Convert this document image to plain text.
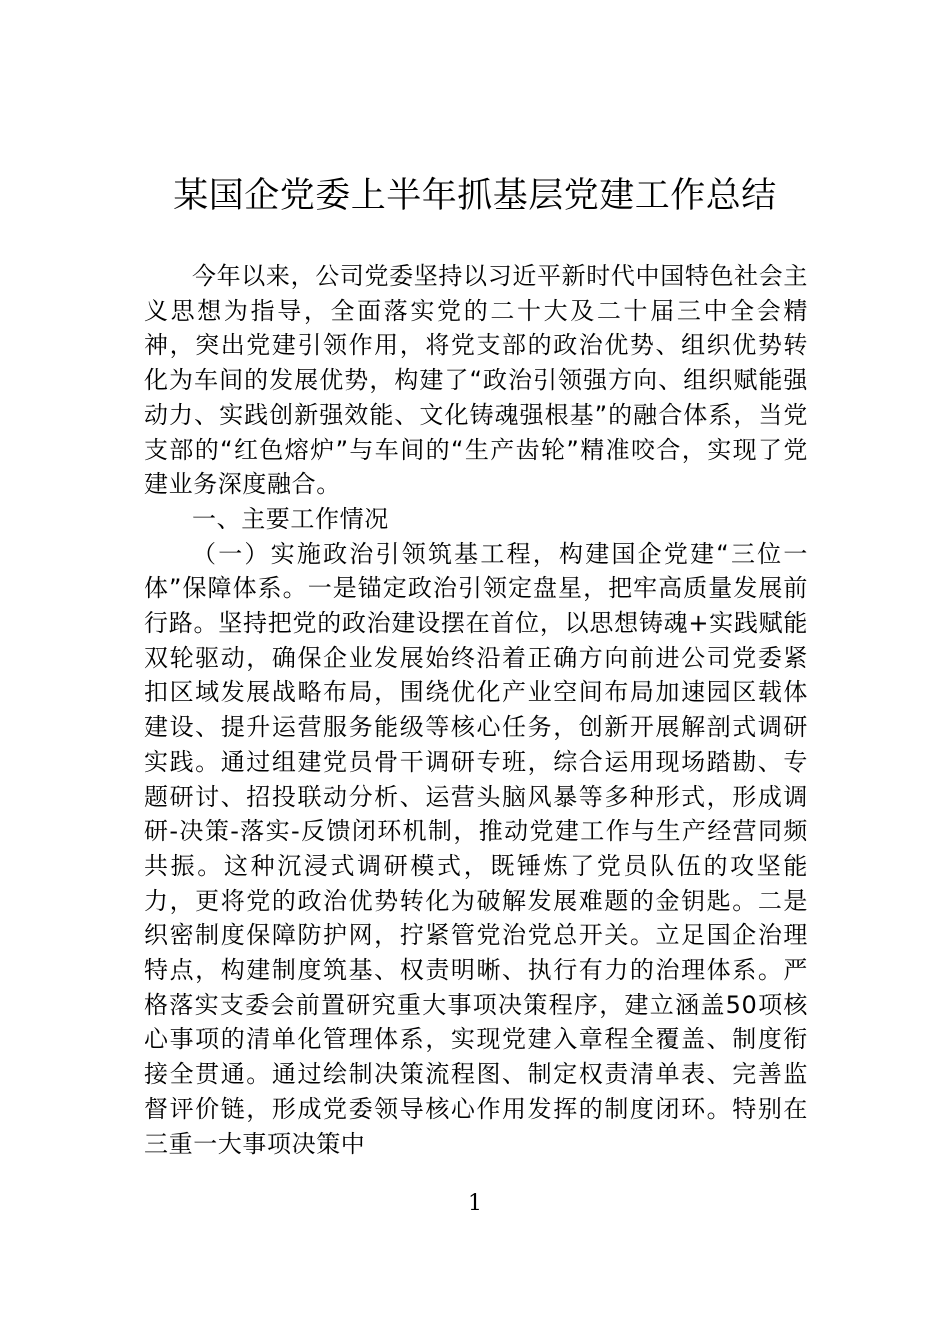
某国企党委上半年抓基层党建工作总结

今年以来，公司党委坚持以习近平新时代中国特色社会主义思想为指导，全面落实党的二十大及二十届三中全会精神，突出党建引领作用，将党支部的政治优势、组织优势转化为车间的发展优势，构建了“政治引领强方向、组织赋能强动力、实践创新强效能、文化铸魂强根基”的融合体系，当党支部的“红色熔炉”与车间的“生产齿轮”精准咬合，实现了党建业务深度融合。

一、主要工作情况

（一）实施政治引领筑基工程，构建国企党建“三位一体”保障体系。一是锚定政治引领定盘星，把牢高质量发展前行路。坚持把党的政治建设摆在首位，以思想铸魂+实践赋能双轮驱动，确保企业发展始终沿着正确方向前进公司党委紧扣区域发展战略布局，围绕优化产业空间布局加速园区载体建设、提升运营服务能级等核心任务，创新开展解剖式调研实践。通过组建党员骨干调研专班，综合运用现场踏勘、专题研讨、招投联动分析、运营头脑风暴等多种形式，形成调研-决策-落实-反馈闭环机制，推动党建工作与生产经营同频共振。这种沉浸式调研模式，既锤炼了党员队伍的攻坚能力，更将党的政治优势转化为破解发展难题的金钥匙。二是织密制度保障防护网，拧紧管党治党总开关。立足国企治理特点，构建制度筑基、权责明晰、执行有力的治理体系。严格落实支委会前置研究重大事项决策程序，建立涵盖50项核心事项的清单化管理体系，实现党建入章程全覆盖、制度衔接全贯通。通过绘制决策流程图、制定权责清单表、完善监督评价链，形成党委领导核心作用发挥的制度闭环。特别在三重一大事项决策中

1
